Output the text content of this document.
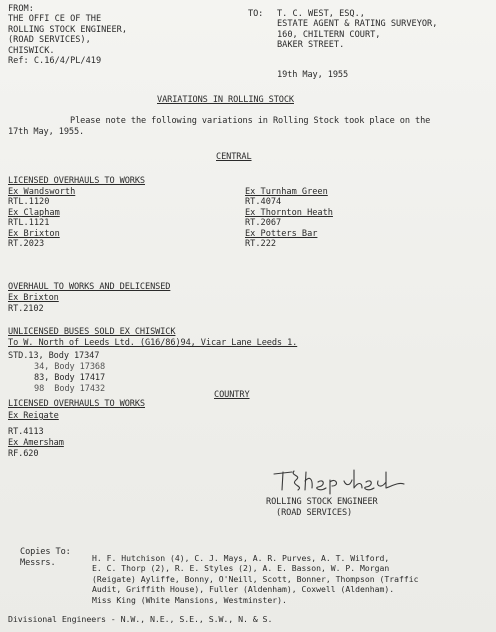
FROM:
THE OFFI CE OF THE
ROLLING STOCK ENGINEER,
(ROAD SERVICES),
CHISWICK.
Ref: C.16/4/PL/419
TO: T. C. WEST, ESQ.,
ESTATE AGENT & RATING SURVEYOR,
160, CHILTERN COURT,
BAKER STREET.
19th May, 1955
VARIATIONS IN ROLLING STOCK
Please note the following variations in Rolling Stock took place on the
17th May, 1955.
CENTRAL
LICENSED OVERHAULS TO WORKS
Ex Wandsworth
RTL.1120
Ex Clapham
RTL.1121
Ex Brixton
RT.2023
Ex Turnham Green
RT.4074
Ex Thornton Heath
RT.2067
Ex Potters Bar
RT.222
OVERHAUL TO WORKS AND DELICENSED
Ex Brixton
RT.2102
UNLICENSED BUSES SOLD EX CHISWICK
To W. North of Leeds Ltd. (G16/86)94, Vicar Lane Leeds 1.
STD.13, Body 17347
34, Body 17368
83, Body 17417
98  Body 17432
COUNTRY
LICENSED OVERHAULS TO WORKS
Ex Reigate
RT.4113
Ex Amersham
RF.620
ROLLING STOCK ENGINEER
(ROAD SERVICES)
Copies To:
Messrs.	H. F. Hutchison (4), C. J. Mays, A. R. Purves, A. T. Wilford,
E. C. Thorp (2), R. E. Styles (2), A. E. Basson, W. P. Morgan
(Reigate) Ayliffe, Bonny, O'Neill, Scott, Bonner, Thompson (Traffic
Audit, Griffith House), Fuller (Aldenham), Coxwell (Aldenham).
Miss King (White Mansions, Westminster).
Divisional Engineers - N.W., N.E., S.E., S.W., N. & S.
